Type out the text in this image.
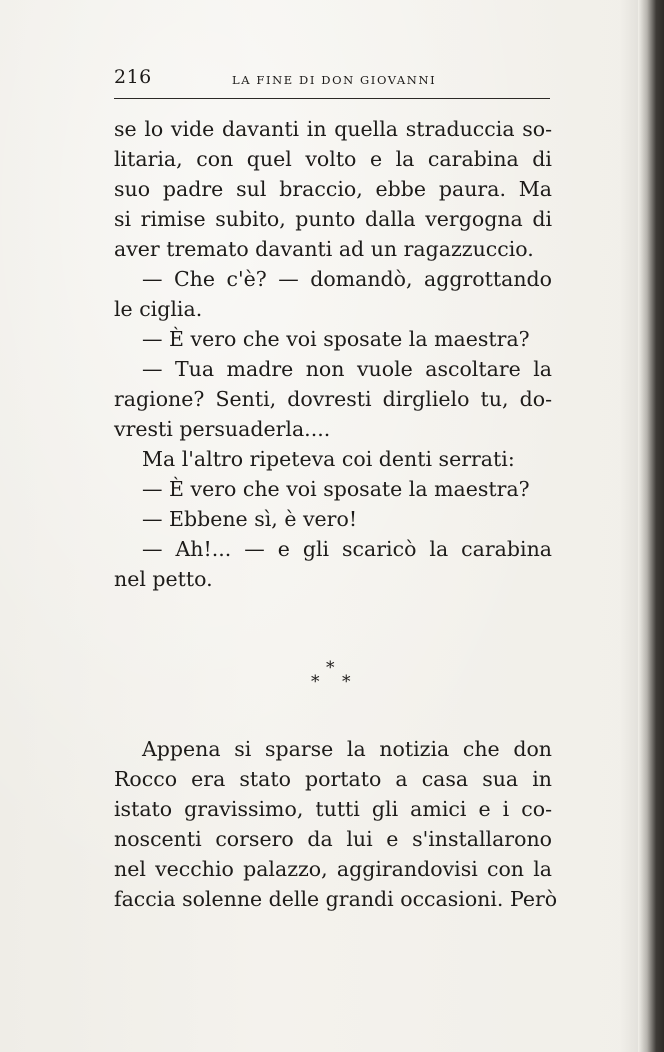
216	LA FINE DI DON GIOVANNI

se lo vide davanti in quella straduccia so-
litaria, con quel volto e la carabina di
suo padre sul braccio, ebbe paura. Ma
si rimise subito, punto dalla vergogna di
aver tremato davanti ad un ragazzuccio.

— Che c'è? — domandò, aggrottando
le ciglia.

— È vero che voi sposate la maestra?

— Tua madre non vuole ascoltare la
ragione? Senti, dovresti dirglielo tu, do-
vresti persuaderla....

Ma l'altro ripeteva coi denti serrati:

— È vero che voi sposate la maestra?

— Ebbene sì, è vero!

— Ah!... — e gli scaricò la carabina
nel petto.

*
* *

Appena si sparse la notizia che don
Rocco era stato portato a casa sua in
istato gravissimo, tutti gli amici e i co-
noscenti corsero da lui e s'installarono
nel vecchio palazzo, aggirandovisi con la
faccia solenne delle grandi occasioni. Però
